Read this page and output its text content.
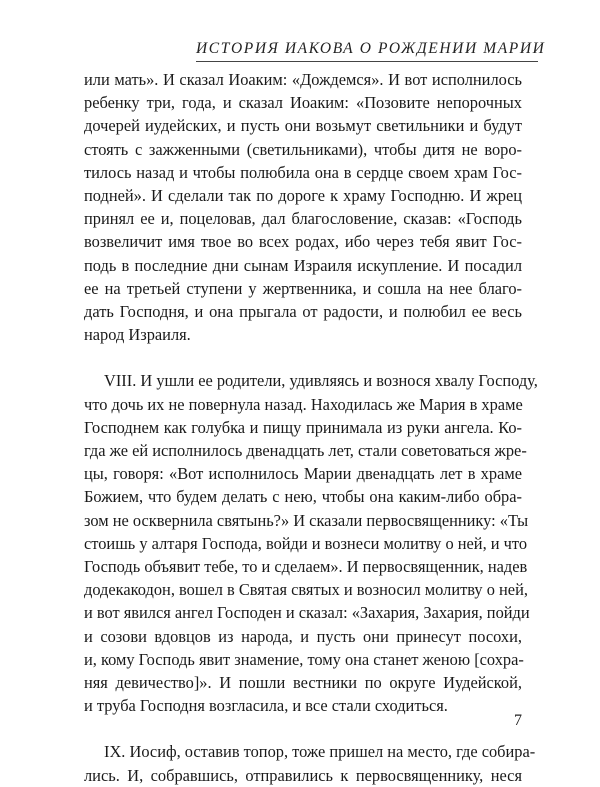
ИСТОРИЯ ИАКОВА О РОЖДЕНИИ МАРИИ
или мать». И сказал Иоаким: «Дождемся». И вот исполнилось
ребенку три, года, и сказал Иоаким: «Позовите непорочных
дочерей иудейских, и пусть они возьмут светильники и будут
стоять с зажженными (светильниками), чтобы дитя не воро-
тилось назад и чтобы полюбила она в сердце своем храм Гос-
подней». И сделали так по дороге к храму Господню. И жрец
принял ее и, поцеловав, дал благословение, сказав: «Господь
возвеличит имя твое во всех родах, ибо через тебя явит Гос-
подь в последние дни сынам Израиля искупление. И посадил
ее на третьей ступени у жертвенника, и сошла на нее благо-
дать Господня, и она прыгала от радости, и полюбил ее весь
народ Израиля.
VIII. И ушли ее родители, удивляясь и вознося хвалу Господу,
что дочь их не повернула назад. Находилась же Мария в храме
Господнем как голубка и пищу принимала из руки ангела. Ко-
гда же ей исполнилось двенадцать лет, стали советоваться жре-
цы, говоря: «Вот исполнилось Марии двенадцать лет в храме
Божием, что будем делать с нею, чтобы она каким-либо обра-
зом не осквернила святынь?» И сказали первосвященнику: «Ты
стоишь у алтаря Господа, войди и вознеси молитву о ней, и что
Господь объявит тебе, то и сделаем». И первосвященник, надев
додекакодон, вошел в Святая святых и возносил молитву о ней,
и вот явился ангел Господен и сказал: «Захария, Захария, пойди
и созови вдовцов из народа, и пусть они принесут посохи,
и, кому Господь явит знамение, тому она станет женою [сохра-
няя девичество]». И пошли вестники по округе Иудейской,
и труба Господня возгласила, и все стали сходиться.
IX. Иосиф, оставив топор, тоже пришел на место, где собира-
лись. И, собравшись, отправились к первосвященнику, неся
7
